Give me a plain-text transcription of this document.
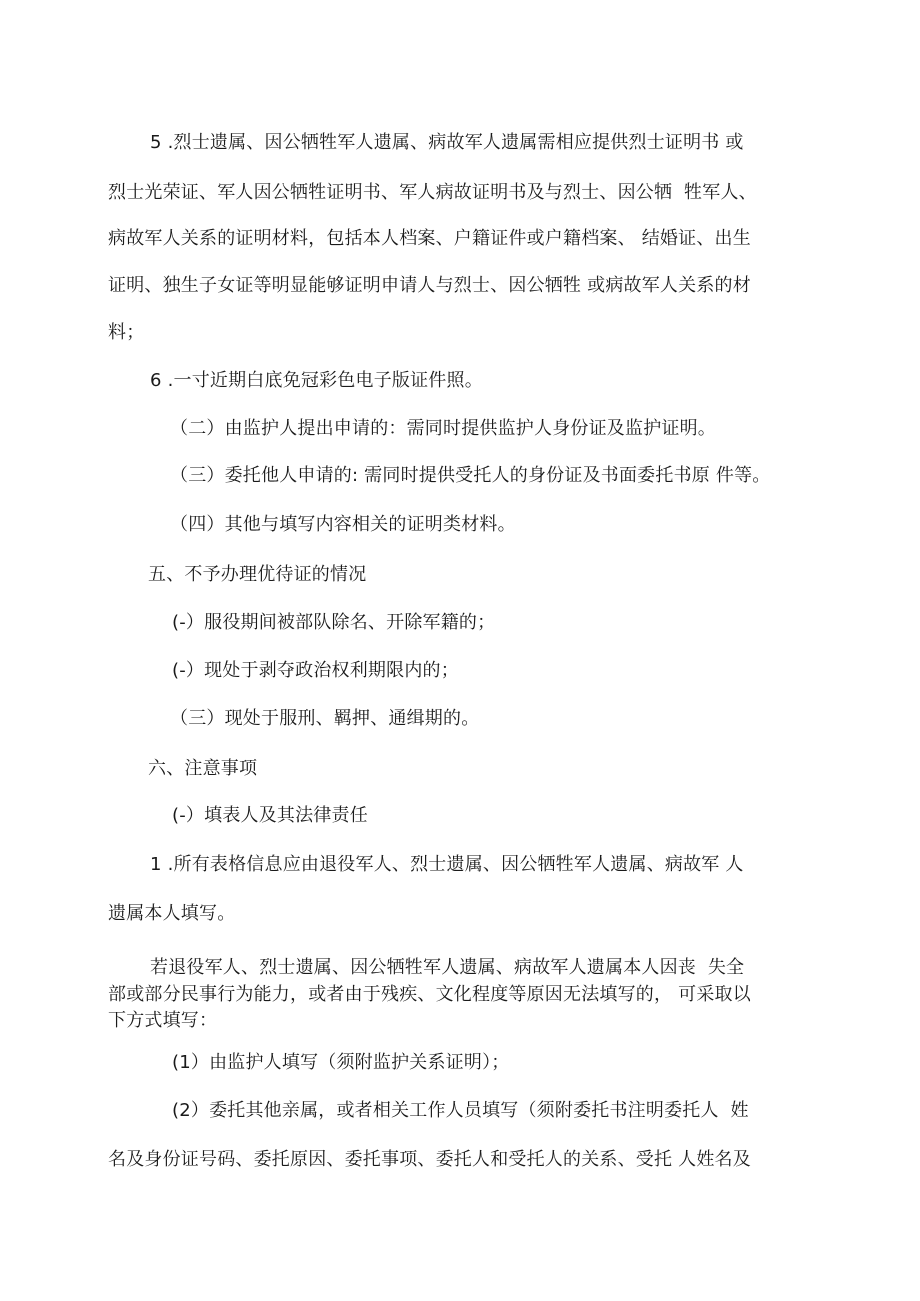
5 .烈士遗属、因公牺牲军人遗属、病故军人遗属需相应提供烈士证明书 或
烈士光荣证、军人因公牺牲证明书、军人病故证明书及与烈士、因公牺  牲军人、
病故军人关系的证明材料，包括本人档案、户籍证件或户籍档案、 结婚证、出生
证明、独生子女证等明显能够证明申请人与烈士、因公牺牲 或病故军人关系的材
料；
6 .一寸近期白底免冠彩色电子版证件照。
（二）由监护人提出申请的：需同时提供监护人身份证及监护证明。
（三）委托他人申请的: 需同时提供受托人的身份证及书面委托书原 件等。
（四）其他与填写内容相关的证明类材料。
五、不予办理优待证的情况
(-）服役期间被部队除名、开除军籍的；
(-）现处于剥夺政治权利期限内的；
（三）现处于服刑、羁押、通缉期的。
六、注意事项
(-）填表人及其法律责任
1 .所有表格信息应由退役军人、烈士遗属、因公牺牲军人遗属、病故军 人
遗属本人填写。
若退役军人、烈士遗属、因公牺牲军人遗属、病故军人遗属本人因丧  失全
部或部分民事行为能力，或者由于残疾、文化程度等原因无法填写的， 可采取以
下方式填写：
(1）由监护人填写（须附监护关系证明）；
(2）委托其他亲属，或者相关工作人员填写（须附委托书注明委托人  姓
名及身份证号码、委托原因、委托事项、委托人和受托人的关系、受托 人姓名及
